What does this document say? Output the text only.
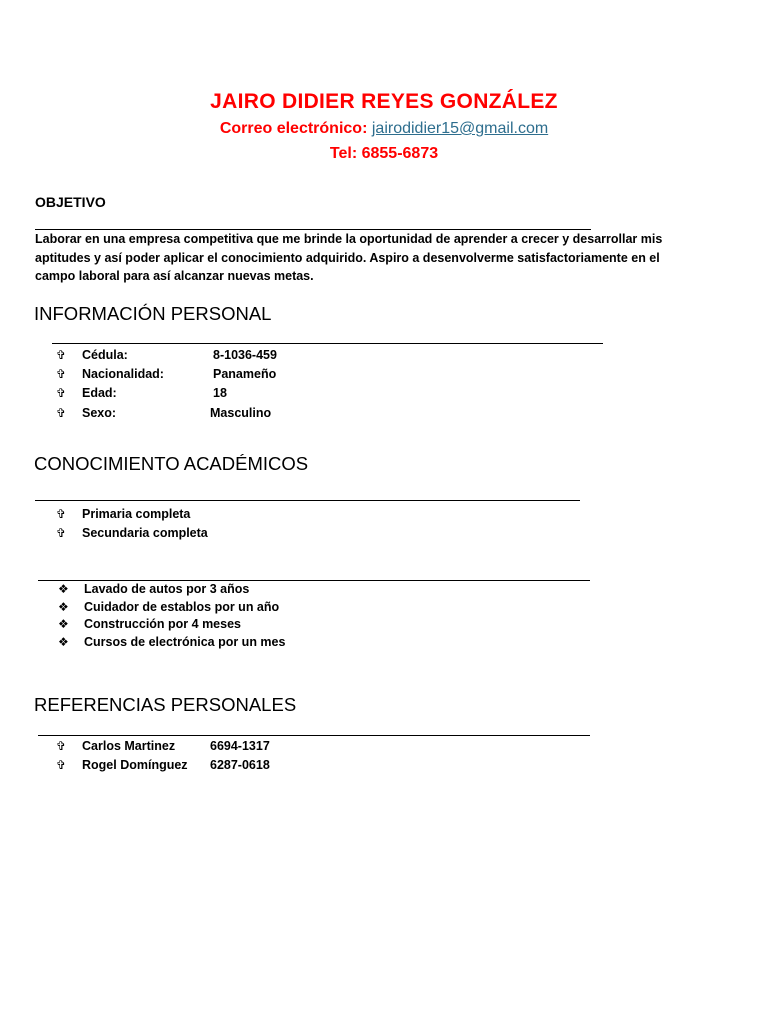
JAIRO DIDIER REYES GONZÁLEZ
Correo electrónico: jairodidier15@gmail.com
Tel: 6855-6873
OBJETIVO
Laborar en una empresa competitiva que me brinde la oportunidad de aprender a crecer y desarrollar mis aptitudes y así poder aplicar el conocimiento adquirido. Aspiro a desenvolverme satisfactoriamente en el campo laboral para así alcanzar nuevas metas.
INFORMACIÓN PERSONAL
✞	Cédula:	8-1036-459
✞	Nacionalidad:	Panameño
✞	Edad:	18
✞	Sexo:	Masculino
CONOCIMIENTO ACADÉMICOS
✞	Primaria completa
✞	Secundaria completa
❖	Lavado de autos por 3 años
❖	Cuidador de establos por un año
❖	Construcción por 4 meses
❖	Cursos de electrónica por un mes
REFERENCIAS PERSONALES
✞	Carlos Martinez	6694-1317
✞	Rogel Domínguez	6287-0618
